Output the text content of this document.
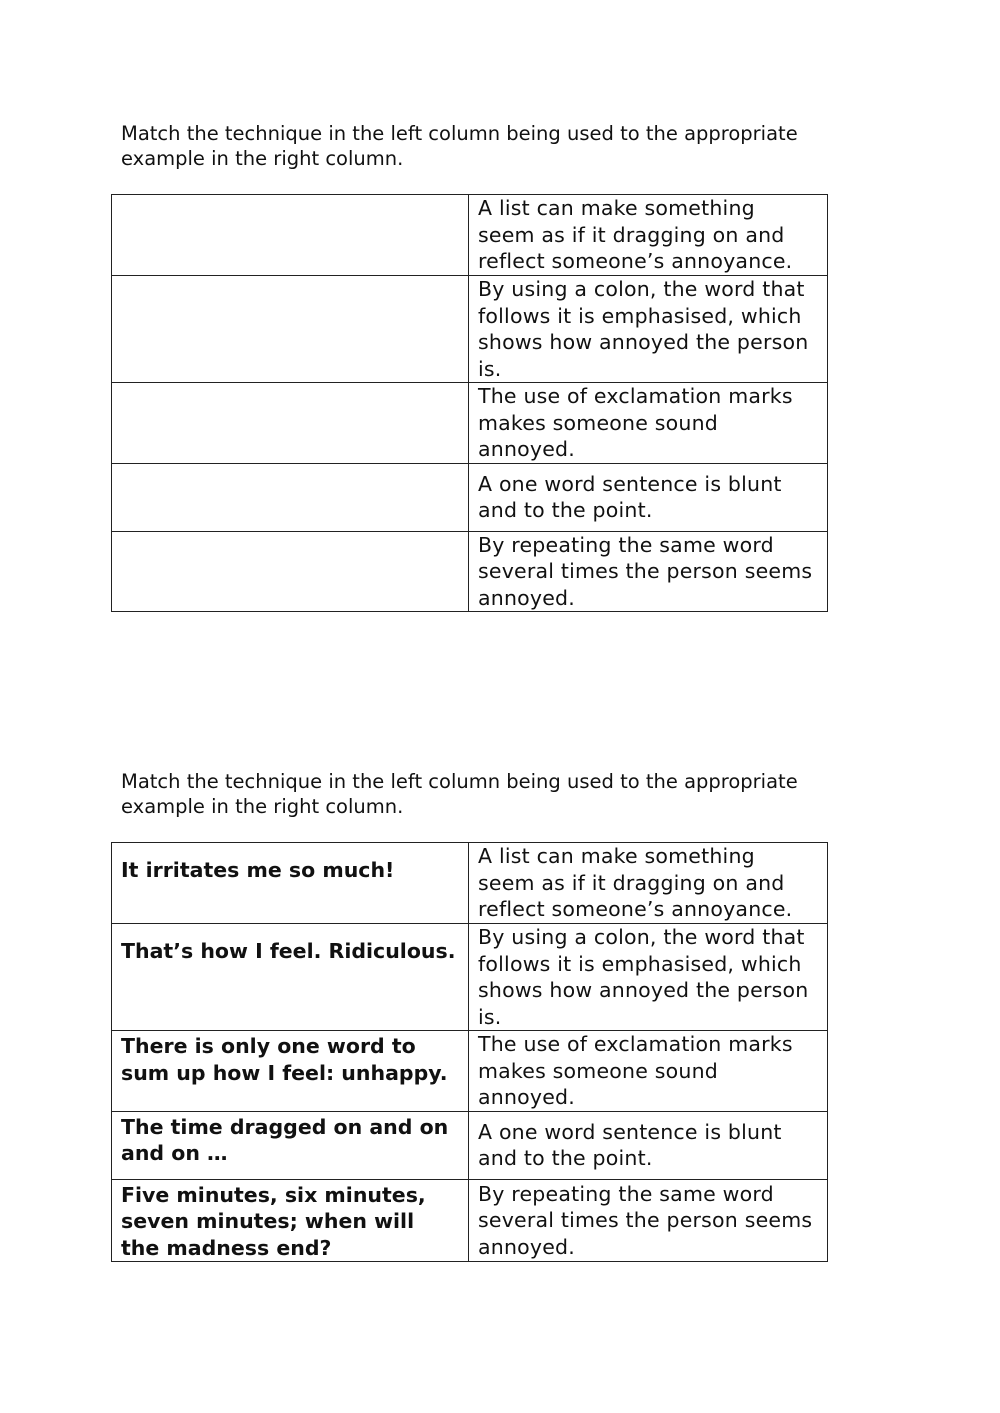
Match the technique in the left column being used to the appropriate
example in the right column.

	A list can make something seem as if it dragging on and reflect someone’s annoyance.
	By using a colon, the word that follows it is emphasised, which shows how annoyed the person is.
	The use of exclamation marks makes someone sound annoyed.
	A one word sentence is blunt and to the point.
	By repeating the same word several times the person seems annoyed.

Match the technique in the left column being used to the appropriate
example in the right column.

It irritates me so much!	A list can make something seem as if it dragging on and reflect someone’s annoyance.

That’s how I feel. Ridiculous.	By using a colon, the word that follows it is emphasised, which shows how annoyed the person is.

There is only one word to sum up how I feel: unhappy.	The use of exclamation marks makes someone sound annoyed.

The time dragged on and on and on …	A one word sentence is blunt and to the point.

Five minutes, six minutes, seven minutes; when will the madness end?	By repeating the same word several times the person seems annoyed.
